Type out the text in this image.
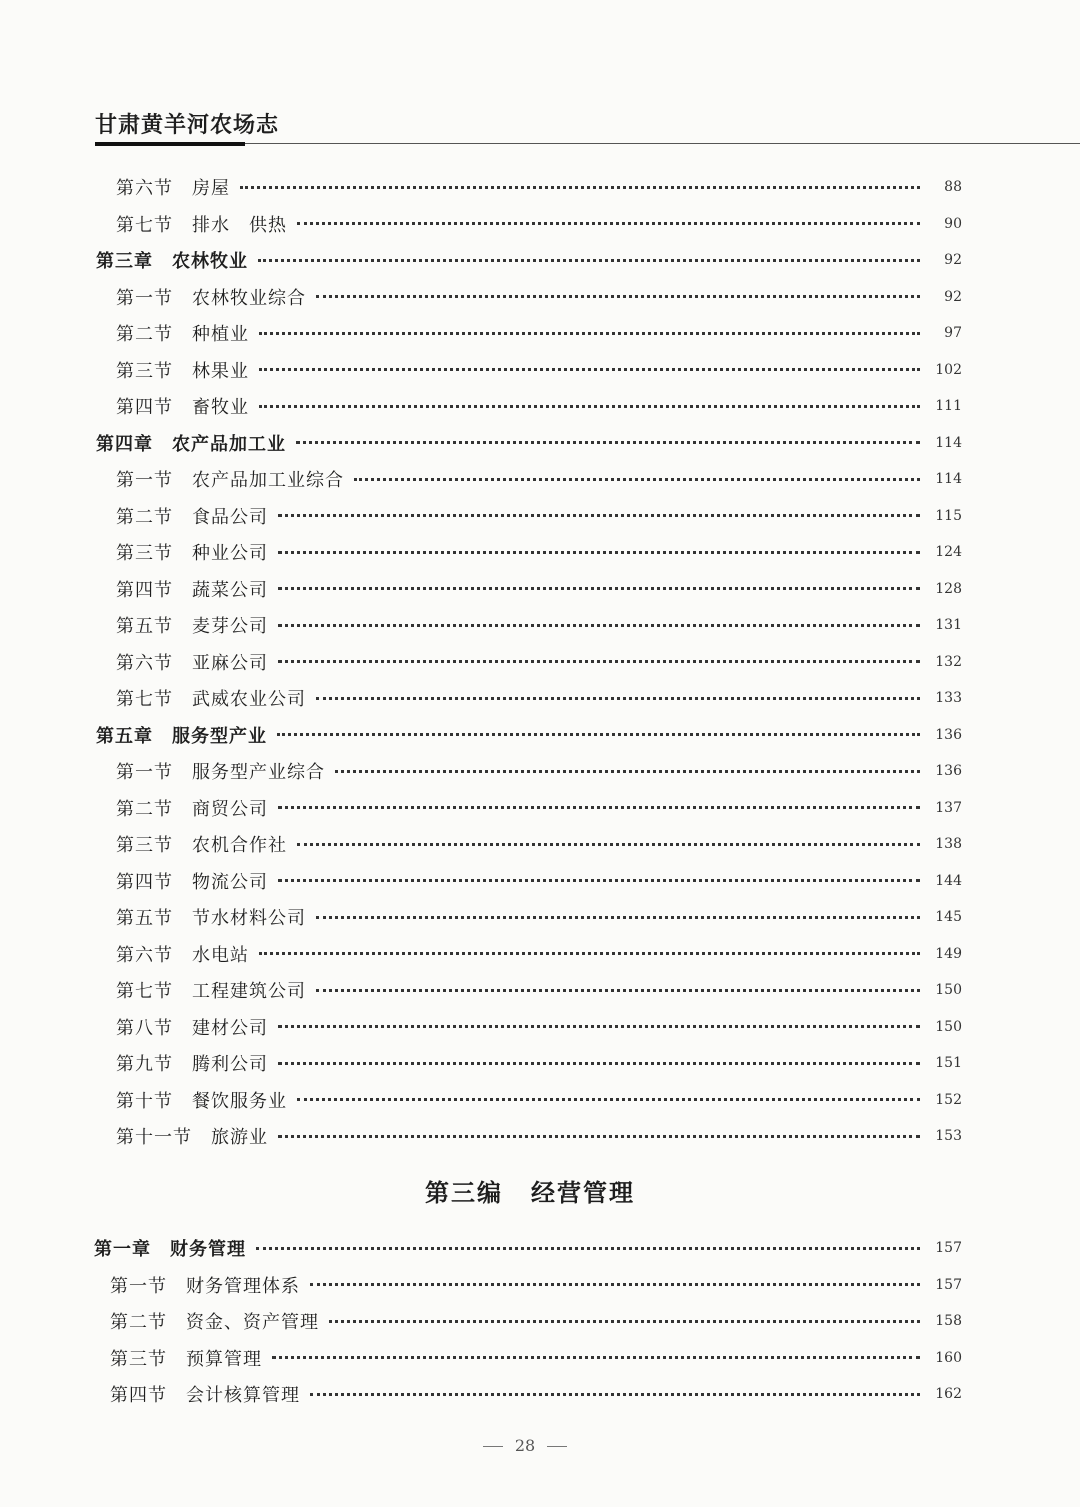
甘肃黄羊河农场志
第六节 房屋	88
第七节 排水　供热	90
第三章 农林牧业	92
第一节 农林牧业综合	92
第二节 种植业	97
第三节 林果业	102
第四节 畜牧业	111
第四章 农产品加工业	114
第一节 农产品加工业综合	114
第二节 食品公司	115
第三节 种业公司	124
第四节 蔬菜公司	128
第五节 麦芽公司	131
第六节 亚麻公司	132
第七节 武威农业公司	133
第五章 服务型产业	136
第一节 服务型产业综合	136
第二节 商贸公司	137
第三节 农机合作社	138
第四节 物流公司	144
第五节 节水材料公司	145
第六节 水电站	149
第七节 工程建筑公司	150
第八节 建材公司	150
第九节 腾利公司	151
第十节 餐饮服务业	152
第十一节 旅游业	153
第三编 经营管理
第一章 财务管理	157
第一节 财务管理体系	157
第二节 资金、资产管理	158
第三节 预算管理	160
第四节 会计核算管理	162
28
